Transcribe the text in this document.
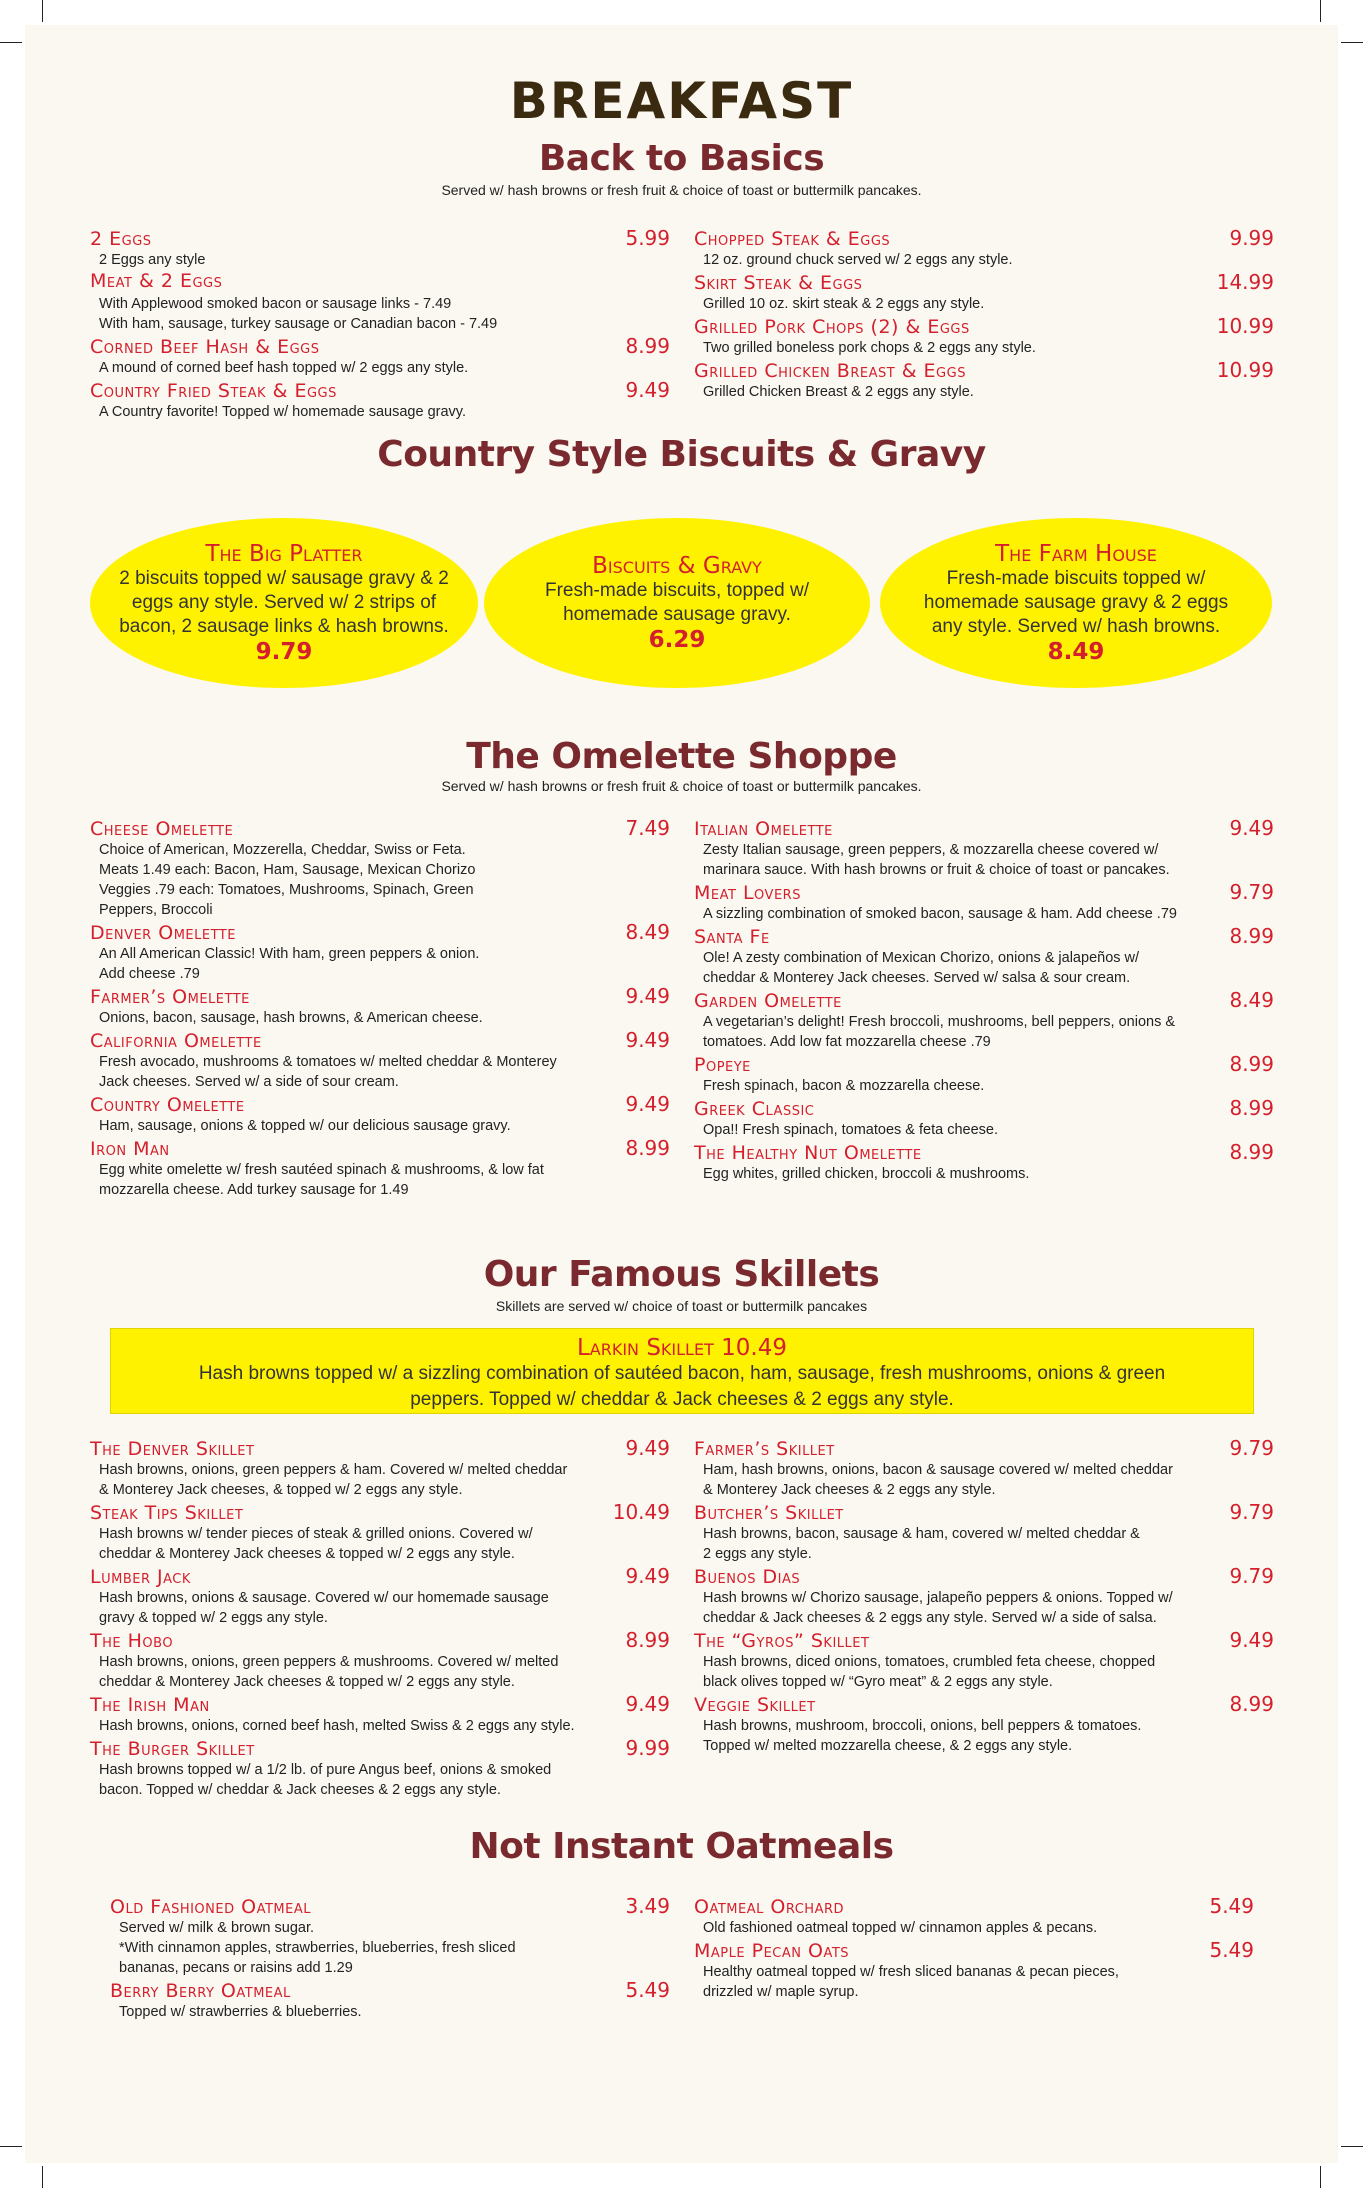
BREAKFAST
Back to Basics

Served w/ hash browns or fresh fruit & choice of toast or buttermilk pancakes.

2 Eggs	5.99
2 Eggs any style
Meat & 2 Eggs
With Applewood smoked bacon or sausage links - 7.49
With ham, sausage, turkey sausage or Canadian bacon - 7.49
Corned Beef Hash & Eggs	8.99
A mound of corned beef hash topped w/ 2 eggs any style.
Country Fried Steak & Eggs	9.49
A Country favorite! Topped w/ homemade sausage gravy.
Chopped Steak & Eggs	9.99
12 oz. ground chuck served w/ 2 eggs any style.
Skirt Steak & Eggs	14.99
Grilled 10 oz. skirt steak & 2 eggs any style.
Grilled Pork Chops (2) & Eggs	10.99
Two grilled boneless pork chops & 2 eggs any style.
Grilled Chicken Breast & Eggs	10.99
Grilled Chicken Breast & 2 eggs any style.
Country Style Biscuits & Gravy
The Big Platter
2 biscuits topped w/ sausage gravy & 2 eggs any style. Served w/ 2 strips of bacon, 2 sausage links & hash browns.
9.79
Biscuits & Gravy
Fresh-made biscuits, topped w/ homemade sausage gravy.
6.29
The Farm House
Fresh-made biscuits topped w/ homemade sausage gravy & 2 eggs any style. Served w/ hash browns.
8.49
The Omelette Shoppe

Served w/ hash browns or fresh fruit & choice of toast or buttermilk pancakes.

Cheese Omelette	7.49
Choice of American, Mozzerella, Cheddar, Swiss or Feta.
Meats 1.49 each: Bacon, Ham, Sausage, Mexican Chorizo
Veggies .79 each: Tomatoes, Mushrooms, Spinach, Green
Peppers, Broccoli
Denver Omelette	8.49
An All American Classic! With ham, green peppers & onion.
Add cheese .79
Farmer’s Omelette	9.49
Onions, bacon, sausage, hash browns, & American cheese.
California Omelette	9.49
Fresh avocado, mushrooms & tomatoes w/ melted cheddar & Monterey
Jack cheeses. Served w/ a side of sour cream.
Country Omelette	9.49
Ham, sausage, onions & topped w/ our delicious sausage gravy.
Iron Man	8.99
Egg white omelette w/ fresh sautéed spinach & mushrooms, & low fat
mozzarella cheese. Add turkey sausage for 1.49
Italian Omelette	9.49
Zesty Italian sausage, green peppers, & mozzarella cheese covered w/
marinara sauce. With hash browns or fruit & choice of toast or pancakes.
Meat Lovers	9.79
A sizzling combination of smoked bacon, sausage & ham. Add cheese .79
Santa Fe	8.99
Ole! A zesty combination of Mexican Chorizo, onions & jalapeños w/
cheddar & Monterey Jack cheeses. Served w/ salsa & sour cream.
Garden Omelette	8.49
A vegetarian’s delight! Fresh broccoli, mushrooms, bell peppers, onions &
tomatoes. Add low fat mozzarella cheese .79
Popeye	8.99
Fresh spinach, bacon & mozzarella cheese.
Greek Classic	8.99
Opa!! Fresh spinach, tomatoes & feta cheese.
The Healthy Nut Omelette	8.99
Egg whites, grilled chicken, broccoli & mushrooms.
Our Famous Skillets

Skillets are served w/ choice of toast or buttermilk pancakes

Larkin Skillet 10.49
Hash browns topped w/ a sizzling combination of sautéed bacon, ham, sausage, fresh mushrooms, onions & green
peppers. Topped w/ cheddar & Jack cheeses & 2 eggs any style.
The Denver Skillet	9.49
Hash browns, onions, green peppers & ham. Covered w/ melted cheddar
& Monterey Jack cheeses, & topped w/ 2 eggs any style.
Steak Tips Skillet	10.49
Hash browns w/ tender pieces of steak & grilled onions. Covered w/
cheddar & Monterey Jack cheeses & topped w/ 2 eggs any style.
Lumber Jack	9.49
Hash browns, onions & sausage. Covered w/ our homemade sausage
gravy & topped w/ 2 eggs any style.
The Hobo	8.99
Hash browns, onions, green peppers & mushrooms. Covered w/ melted
cheddar & Monterey Jack cheeses & topped w/ 2 eggs any style.
The Irish Man	9.49
Hash browns, onions, corned beef hash, melted Swiss & 2 eggs any style.
The Burger Skillet	9.99
Hash browns topped w/ a 1/2 lb. of pure Angus beef, onions & smoked
bacon. Topped w/ cheddar & Jack cheeses & 2 eggs any style.
Farmer’s Skillet	9.79
Ham, hash browns, onions, bacon & sausage covered w/ melted cheddar
& Monterey Jack cheeses & 2 eggs any style.
Butcher’s Skillet	9.79
Hash browns, bacon, sausage & ham, covered w/ melted cheddar &
2 eggs any style.
Buenos Dias	9.79
Hash browns w/ Chorizo sausage, jalapeño peppers & onions. Topped w/
cheddar & Jack cheeses & 2 eggs any style. Served w/ a side of salsa.
The “Gyros” Skillet	9.49
Hash browns, diced onions, tomatoes, crumbled feta cheese, chopped
black olives topped w/ “Gyro meat” & 2 eggs any style.
Veggie Skillet	8.99
Hash browns, mushroom, broccoli, onions, bell peppers & tomatoes.
Topped w/ melted mozzarella cheese, & 2 eggs any style.
Not Instant Oatmeals
Old Fashioned Oatmeal	3.49
Served w/ milk & brown sugar.
*With cinnamon apples, strawberries, blueberries, fresh sliced
bananas, pecans or raisins add 1.29
Berry Berry Oatmeal	5.49
Topped w/ strawberries & blueberries.
Oatmeal Orchard	5.49
Old fashioned oatmeal topped w/ cinnamon apples & pecans.
Maple Pecan Oats	5.49
Healthy oatmeal topped w/ fresh sliced bananas & pecan pieces,
drizzled w/ maple syrup.
